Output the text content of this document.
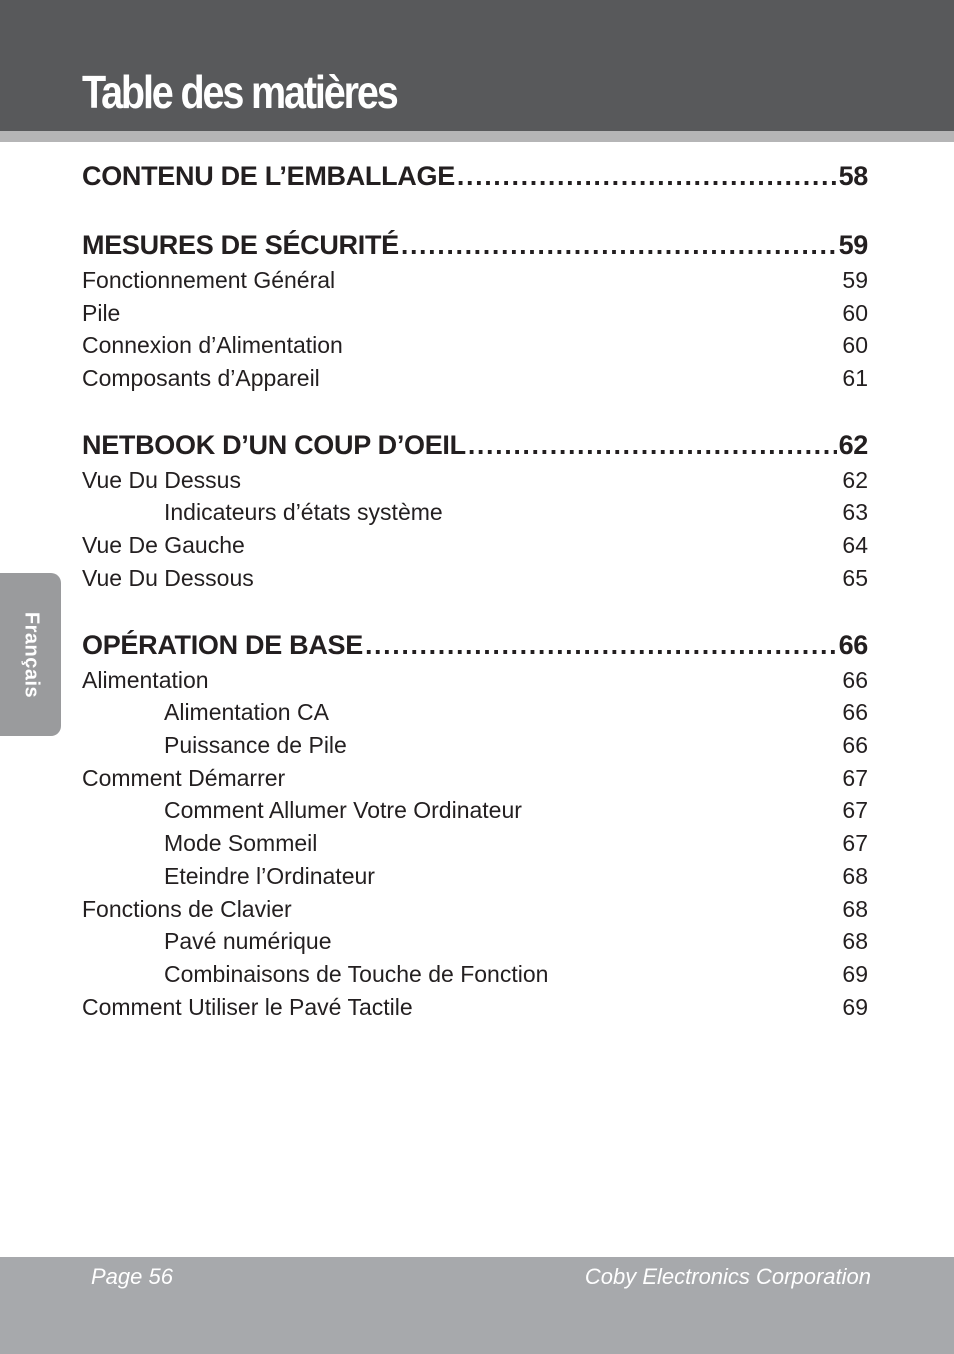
Table des matières
Français
CONTENU DE L’EMBALLAGE .....	58
MESURES DE SÉCURITÉ .....	59
Fonctionnement Général .....	59
Pile .....	60
Connexion d’Alimentation .....	60
Composants d’Appareil .....	61
NETBOOK D’UN COUP D’OEIL .....	62
Vue Du Dessus .....	62
Indicateurs d’états système .....	63
Vue De Gauche .....	64
Vue Du Dessous .....	65
OPÉRATION DE BASE .....	66
Alimentation .....	66
Alimentation CA .....	66
Puissance de Pile .....	66
Comment Démarrer .....	67
Comment Allumer Votre Ordinateur .....	67
Mode Sommeil .....	67
Eteindre l’Ordinateur .....	68
Fonctions de Clavier .....	68
Pavé numérique .....	68
Combinaisons de Touche de Fonction .....	69
Comment Utiliser le Pavé Tactile .....	69
Page 56	Coby Electronics Corporation
